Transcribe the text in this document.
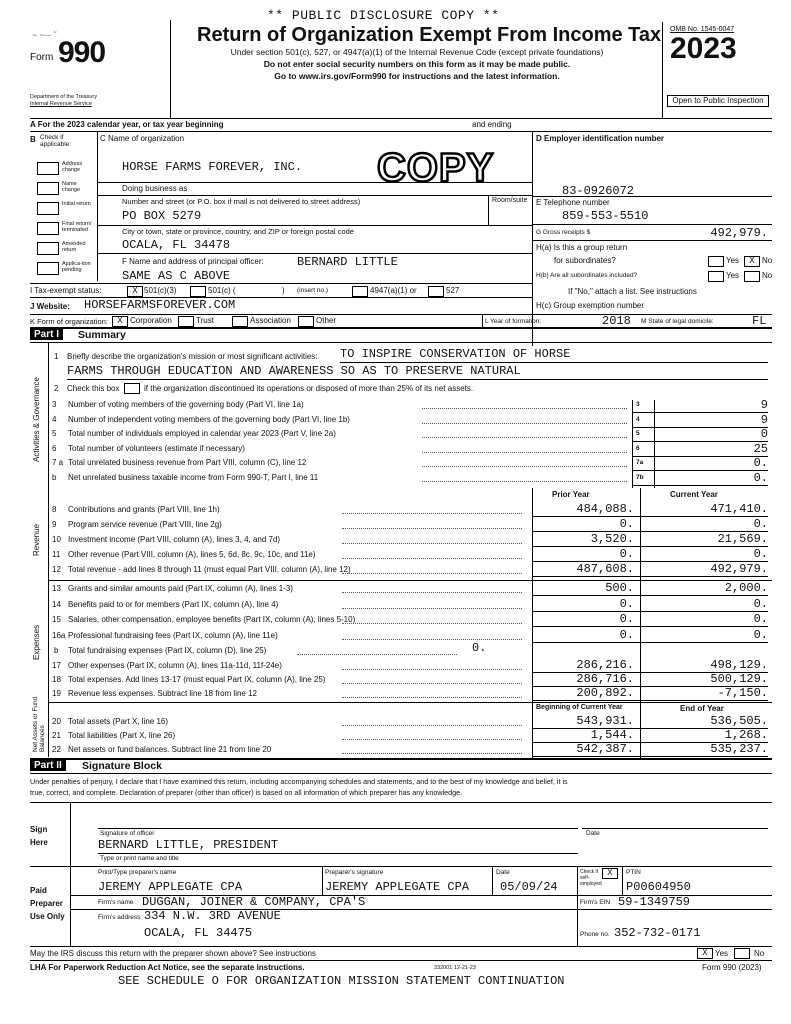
~ ~‑‑ ˜
** PUBLIC DISCLOSURE COPY **
Form 990
Department of the Treasury
Internal Revenue Service
Return of Organization Exempt From Income Tax
Under section 501(c), 527, or 4947(a)(1) of the Internal Revenue Code (except private foundations)
Do not enter social security numbers on this form as it may be made public.
Go to www.irs.gov/Form990 for instructions and the latest information.
OMB No. 1545-0047
2023
Open to Public Inspection
A For the 2023 calendar year, or tax year beginning	and ending
B Check if applicable:
Address change
Name change
Initial return
Final return/ terminated
Amended return
Applica-tion pending
C Name of organization
HORSE FARMS FOREVER, INC. COPY
Doing business as
Number and street (or P.O. box if mail is not delivered to street address)	Room/suite
PO BOX 5279
City or town, state or province, country, and ZIP or foreign postal code
OCALA, FL 34478
F Name and address of principal officer:	BERNARD LITTLE
SAME AS C ABOVE
D Employer identification number
83-0926072
E Telephone number
859-553-5510
G Gross receipts $	492,979.
H(a) Is this a group return
for subordinates?	Yes	X No
H(b) Are all subordinates included?	Yes	No
If "No," attach a list. See instructions
H(c) Group exemption number
I Tax-exempt status:	X 501(c)(3)	501(c) (	) (insert no.)	4947(a)(1) or	527
J Website: HORSEFARMSFOREVER.COM
K Form of organization:	X Corporation	Trust	Association	Other	L Year of formation:	2018 M State of legal domicile:	FL
Part I	Summary
Activities & Governance
Revenue
Expenses
Net Assets or Fund Balances
1 Briefly describe the organization's mission or most significant activities: TO INSPIRE CONSERVATION OF HORSE
FARMS THROUGH EDUCATION AND AWARENESS SO AS TO PRESERVE NATURAL
2 Check this box	if the organization discontinued its operations or disposed of more than 25% of its net assets.
3 Number of voting members of the governing body (Part VI, line 1a)	3	9
4 Number of independent voting members of the governing body (Part VI, line 1b)	4	9
5 Total number of individuals employed in calendar year 2023 (Part V, line 2a)	5	0
6 Total number of volunteers (estimate if necessary)	6	25
7 a Total unrelated business revenue from Part VIII, column (C), line 12	7a	0.
b Net unrelated business taxable income from Form 990-T, Part I, line 11	7b	0.
Prior Year	Current Year
8 Contributions and grants (Part VIII, line 1h)	484,088.	471,410.
9 Program service revenue (Part VIII, line 2g)	0.	0.
10 Investment income (Part VIII, column (A), lines 3, 4, and 7d)	3,520.	21,569.
11 Other revenue (Part VIII, column (A), lines 5, 6d, 8c, 9c, 10c, and 11e)	0.	0.
12 Total revenue - add lines 8 through 11 (must equal Part VIII, column (A), line 12)	487,608.	492,979.
13 Grants and similar amounts paid (Part IX, column (A), lines 1-3)	500.	2,000.
14 Benefits paid to or for members (Part IX, column (A), line 4)	0.	0.
15 Salaries, other compensation, employee benefits (Part IX, column (A), lines 5-10)	0.	0.
16a Professional fundraising fees (Part IX, column (A), line 11e)	0.	0.
17 Other expenses (Part IX, column (A), lines 11a-11d, 11f-24e)	286,216.	498,129.
18 Total expenses. Add lines 13-17 (must equal Part IX, column (A), line 25)	286,716.	500,129.
19 Revenue less expenses. Subtract line 18 from line 12	200,892.	-7,150.
20 Total assets (Part X, line 16)	543,931.	536,505.
21 Total liabilities (Part X, line 26)	1,544.	1,268.
22 Net assets or fund balances. Subtract line 21 from line 20	542,387.	535,237.
b Total fundraising expenses (Part IX, column (D), line 25)	0.
Beginning of Current Year	End of Year
Part II	Signature Block
Under penalties of perjury, I declare that I have examined this return, including accompanying schedules and statements, and to the best of my knowledge and belief, it is
true, correct, and complete. Declaration of preparer (other than officer) is based on all information of which preparer has any knowledge.
Sign
Here
Signature of officer	Date
BERNARD LITTLE, PRESIDENT
Type or print name and title
Paid
Preparer
Use Only
Print/Type preparer's name	Preparer's signature	Date	Check if self-employed
X	PTIN
JEREMY APPLEGATE CPA	JEREMY APPLEGATE CPA	05/09/24	P00604950
Firm's name DUGGAN, JOINER & COMPANY, CPA'S	Firm's EIN 59-1349759
Firm's address 334 N.W. 3RD AVENUE
OCALA, FL 34475	Phone no. 352-732-0171
May the IRS discuss this return with the preparer shown above? See instructions	X Yes	No
LHA For Paperwork Reduction Act Notice, see the separate instructions.	332001 12-21-23	Form 990 (2023)
SEE SCHEDULE O FOR ORGANIZATION MISSION STATEMENT CONTINUATION
